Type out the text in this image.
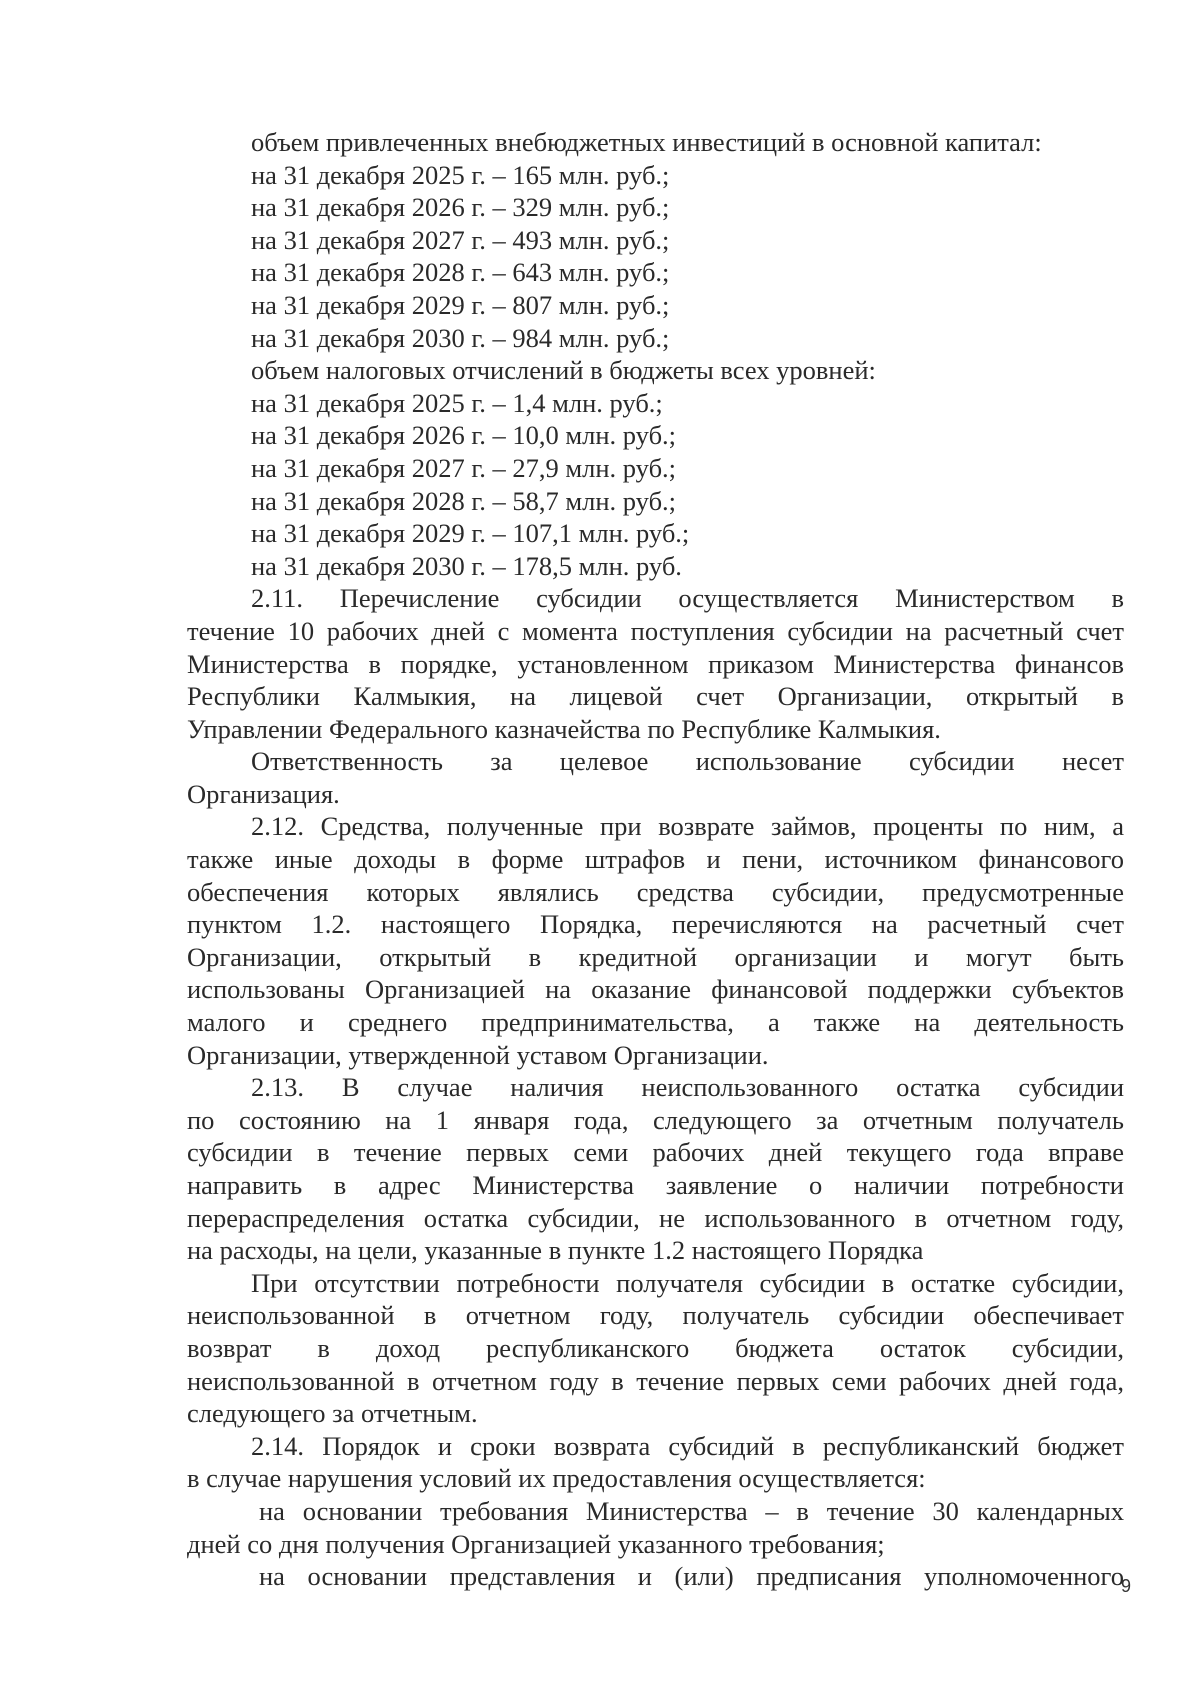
объем привлеченных внебюджетных инвестиций в основной капитал:
на 31 декабря 2025 г. – 165 млн. руб.;
на 31 декабря 2026 г. – 329 млн. руб.;
на 31 декабря 2027 г. – 493 млн. руб.;
на 31 декабря 2028 г. – 643 млн. руб.;
на 31 декабря 2029 г. – 807 млн. руб.;
на 31 декабря 2030 г. – 984 млн. руб.;
объем налоговых отчислений в бюджеты всех уровней:
на 31 декабря 2025 г. – 1,4 млн. руб.;
на 31 декабря 2026 г. – 10,0 млн. руб.;
на 31 декабря 2027 г. – 27,9 млн. руб.;
на 31 декабря 2028 г. – 58,7 млн. руб.;
на 31 декабря 2029 г. – 107,1 млн. руб.;
на 31 декабря 2030 г. – 178,5 млн. руб.
2.11. Перечисление субсидии осуществляется Министерством в
течение 10 рабочих дней с момента поступления субсидии на расчетный счет
Министерства в порядке, установленном приказом Министерства финансов
Республики Калмыкия, на лицевой счет Организации, открытый в
Управлении Федерального казначейства по Республике Калмыкия.
Ответственность за целевое использование субсидии несет
Организация.
2.12. Средства, полученные при возврате займов, проценты по ним, а
также иные доходы в форме штрафов и пени, источником финансового
обеспечения которых являлись средства субсидии, предусмотренные
пунктом 1.2. настоящего Порядка, перечисляются на расчетный счет
Организации, открытый в кредитной организации и могут быть
использованы Организацией на оказание финансовой поддержки субъектов
малого и среднего предпринимательства, а также на деятельность
Организации, утвержденной уставом Организации.
2.13. В случае наличия неиспользованного остатка субсидии
по состоянию на 1 января года, следующего за отчетным получатель
субсидии в течение первых семи рабочих дней текущего года вправе
направить в адрес Министерства заявление о наличии потребности
перераспределения остатка субсидии, не использованного в отчетном году,
на расходы, на цели, указанные в пункте 1.2 настоящего Порядка
При отсутствии потребности получателя субсидии в остатке субсидии,
неиспользованной в отчетном году, получатель субсидии обеспечивает
возврат в доход республиканского бюджета остаток субсидии,
неиспользованной в отчетном году в течение первых семи рабочих дней года,
следующего за отчетным.
2.14. Порядок и сроки возврата субсидий в республиканский бюджет
в случае нарушения условий их предоставления осуществляется:
на основании требования Министерства – в течение 30 календарных
дней со дня получения Организацией указанного требования;
на основании представления и (или) предписания уполномоченного
9
